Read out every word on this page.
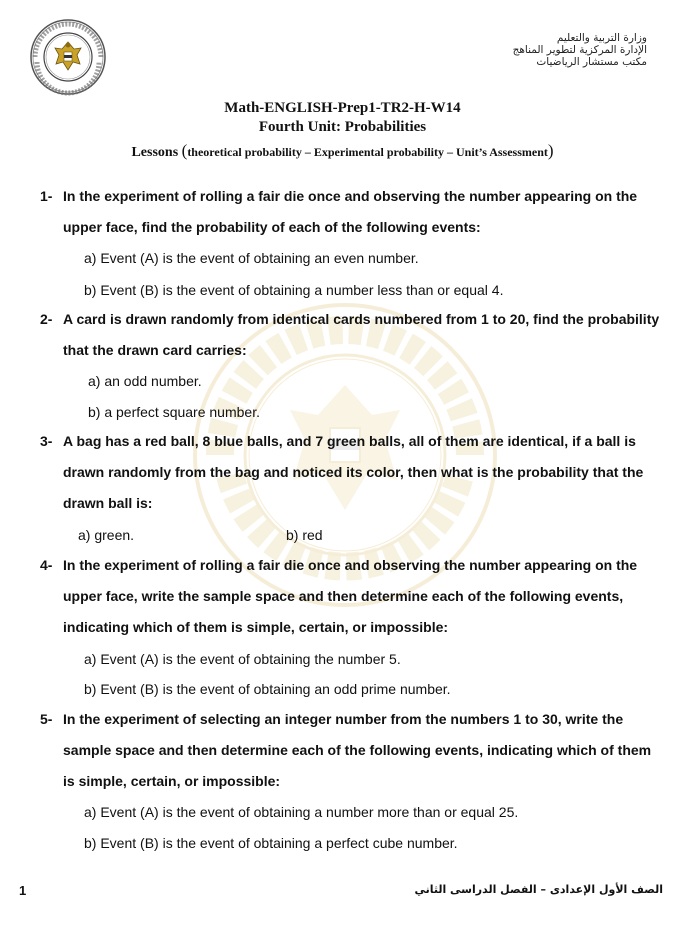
وزارة التربية والتعليم
الإدارة المركزية لتطوير المناهج
مكتب مستشار الرياضيات
Math-ENGLISH-Prep1-TR2-H-W14
Fourth Unit: Probabilities
Lessons (theoretical probability – Experimental probability – Unit’s Assessment)
1- In the experiment of rolling a fair die once and observing the number appearing on the upper face, find the probability of each of the following events:
a) Event (A) is the event of obtaining an even number.
b) Event (B) is the event of obtaining a number less than or equal 4.
2- A card is drawn randomly from identical cards numbered from 1 to 20, find the probability that the drawn card carries:
a) an odd number.
b) a perfect square number.
3- A bag has a red ball, 8 blue balls, and 7 green balls, all of them are identical, if a ball is drawn randomly from the bag and noticed its color, then what is the probability that the drawn ball is:
a) green.	b) red
4- In the experiment of rolling a fair die once and observing the number appearing on the upper face, write the sample space and then determine each of the following events, indicating which of them is simple, certain, or impossible:
a) Event (A) is the event of obtaining the number 5.
b) Event (B) is the event of obtaining an odd prime number.
5- In the experiment of selecting an integer number from the numbers 1 to 30, write the sample space and then determine each of the following events, indicating which of them is simple, certain, or impossible:
a) Event (A) is the event of obtaining a number more than or equal 25.
b) Event (B) is the event of obtaining a perfect cube number.
1	الصف الأول الإعدادى – الفصل الدراسى الثاني
